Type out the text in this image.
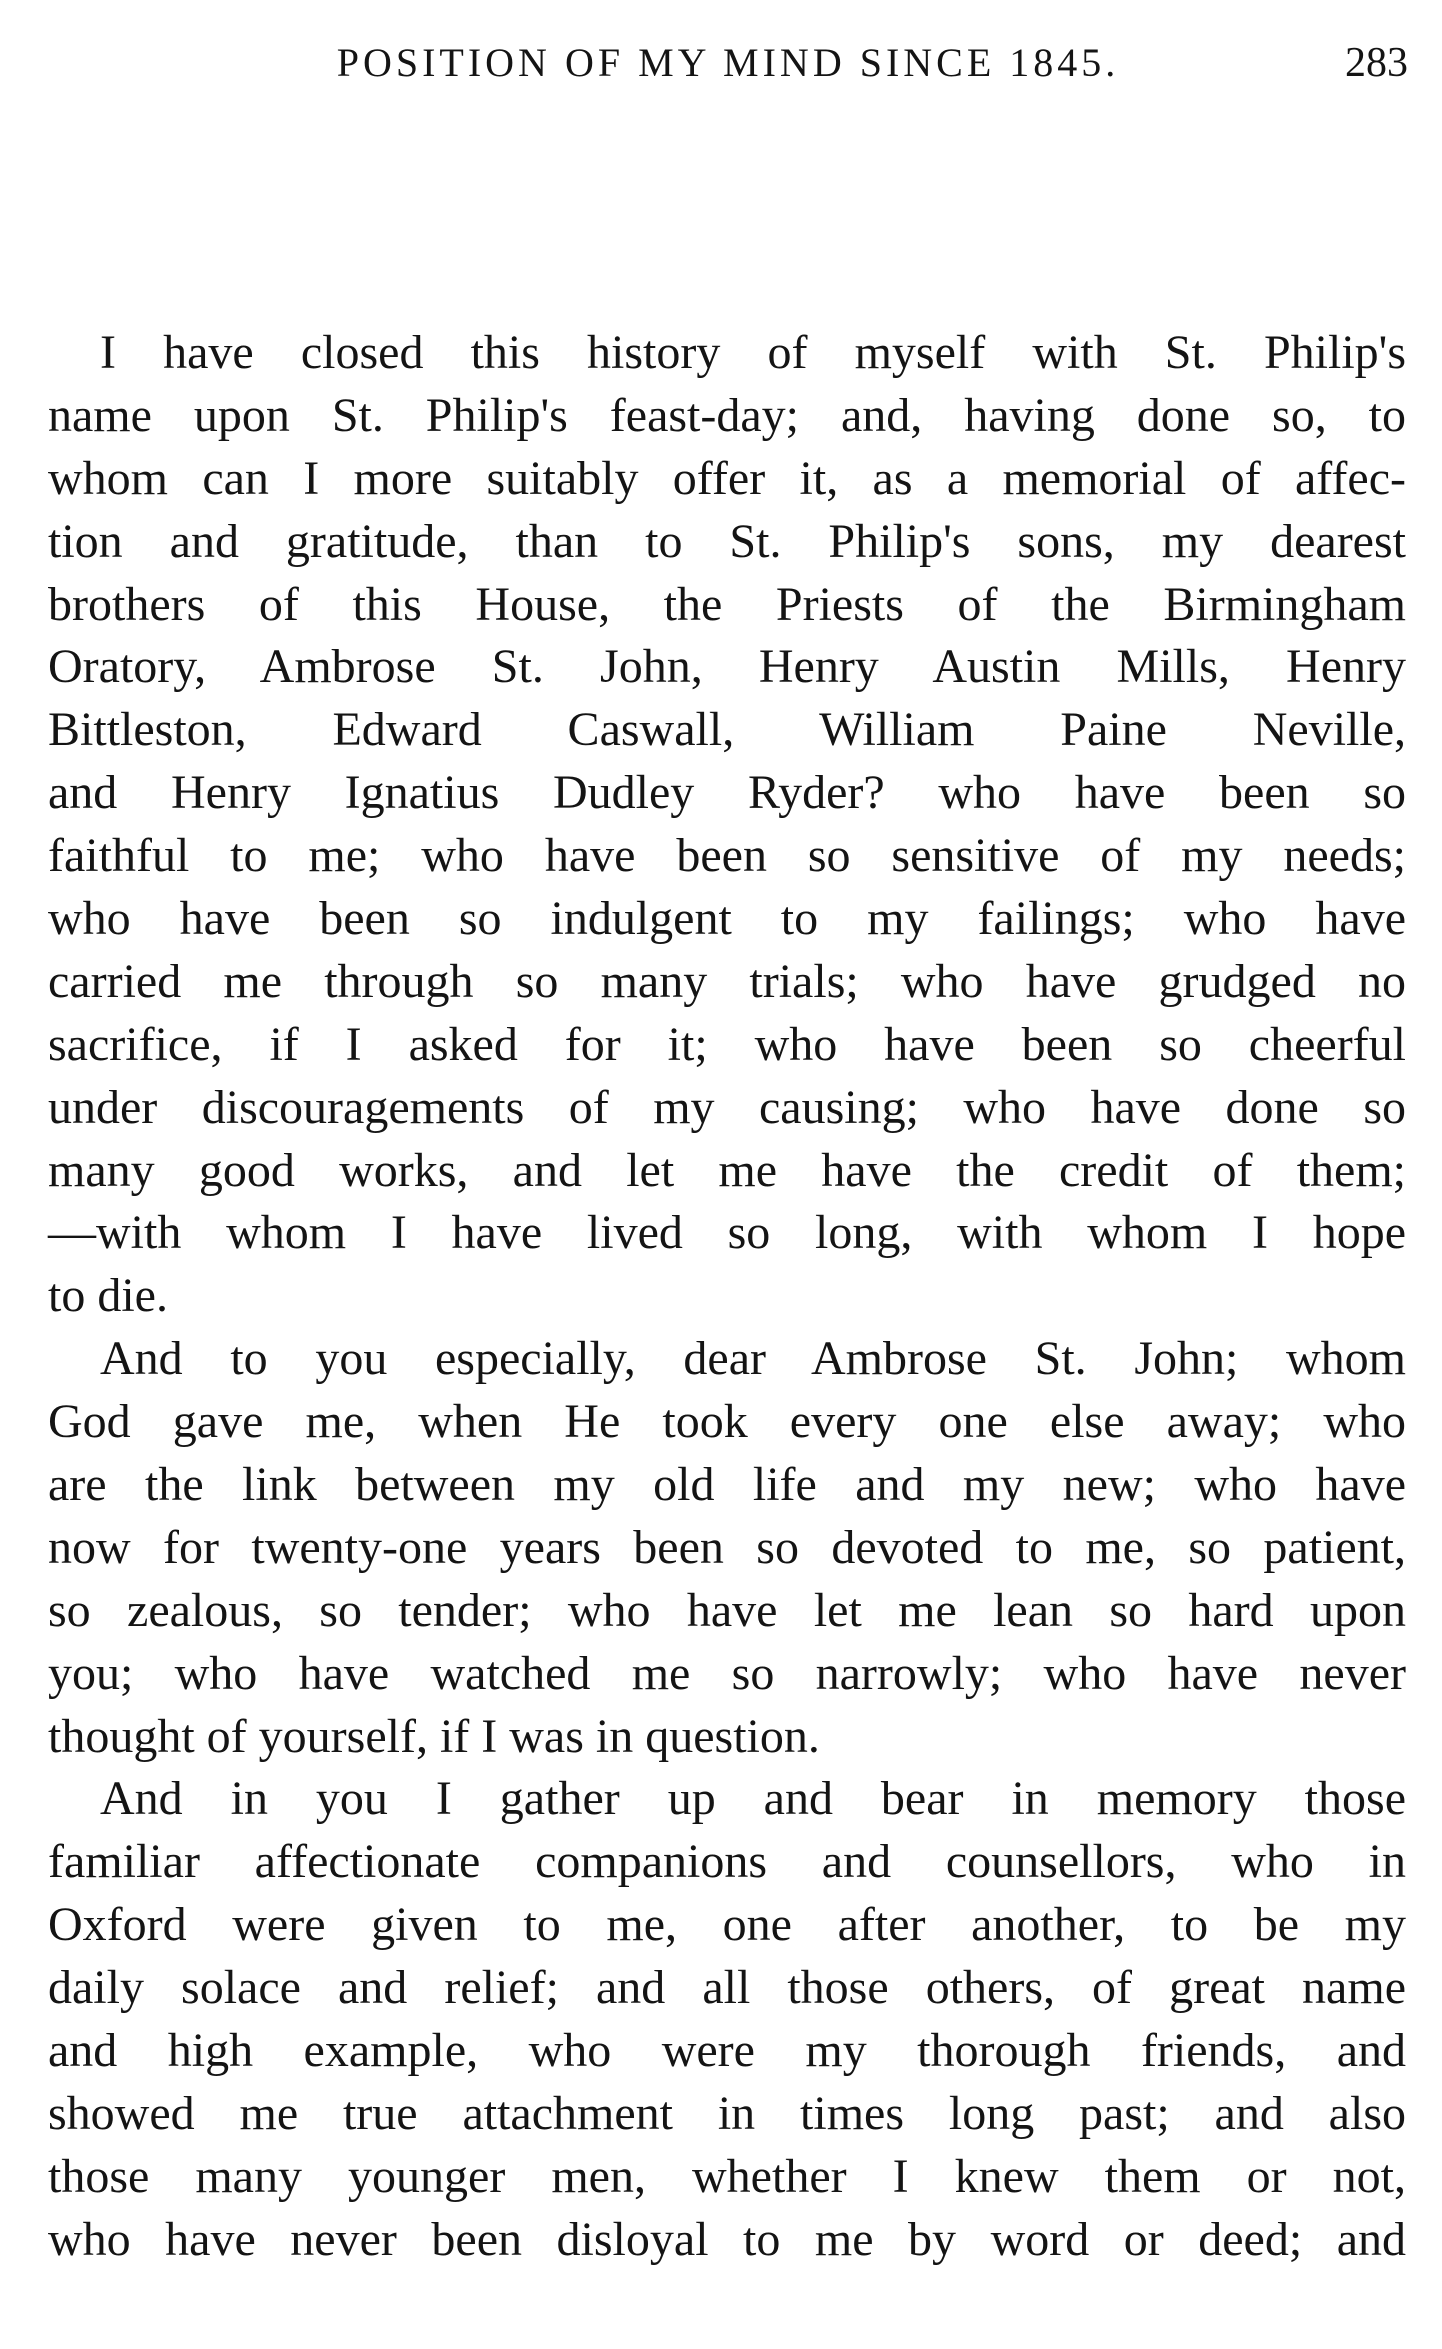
POSITION OF MY MIND SINCE 1845.	283
I have closed this history of myself with St. Philip's
name upon St. Philip's feast-day; and, having done so, to
whom can I more suitably offer it, as a memorial of affec-
tion and gratitude, than to St. Philip's sons, my dearest
brothers of this House, the Priests of the Birmingham
Oratory, Ambrose St. John, Henry Austin Mills, Henry
Bittleston, Edward Caswall, William Paine Neville,
and Henry Ignatius Dudley Ryder? who have been so
faithful to me; who have been so sensitive of my needs;
who have been so indulgent to my failings; who have
carried me through so many trials; who have grudged no
sacrifice, if I asked for it; who have been so cheerful
under discouragements of my causing; who have done so
many good works, and let me have the credit of them;
—with whom I have lived so long, with whom I hope
to die.
And to you especially, dear Ambrose St. John; whom
God gave me, when He took every one else away; who
are the link between my old life and my new; who have
now for twenty-one years been so devoted to me, so patient,
so zealous, so tender; who have let me lean so hard upon
you; who have watched me so narrowly; who have never
thought of yourself, if I was in question.
And in you I gather up and bear in memory those
familiar affectionate companions and counsellors, who in
Oxford were given to me, one after another, to be my
daily solace and relief; and all those others, of great name
and high example, who were my thorough friends, and
showed me true attachment in times long past; and also
those many younger men, whether I knew them or not,
who have never been disloyal to me by word or deed; and
